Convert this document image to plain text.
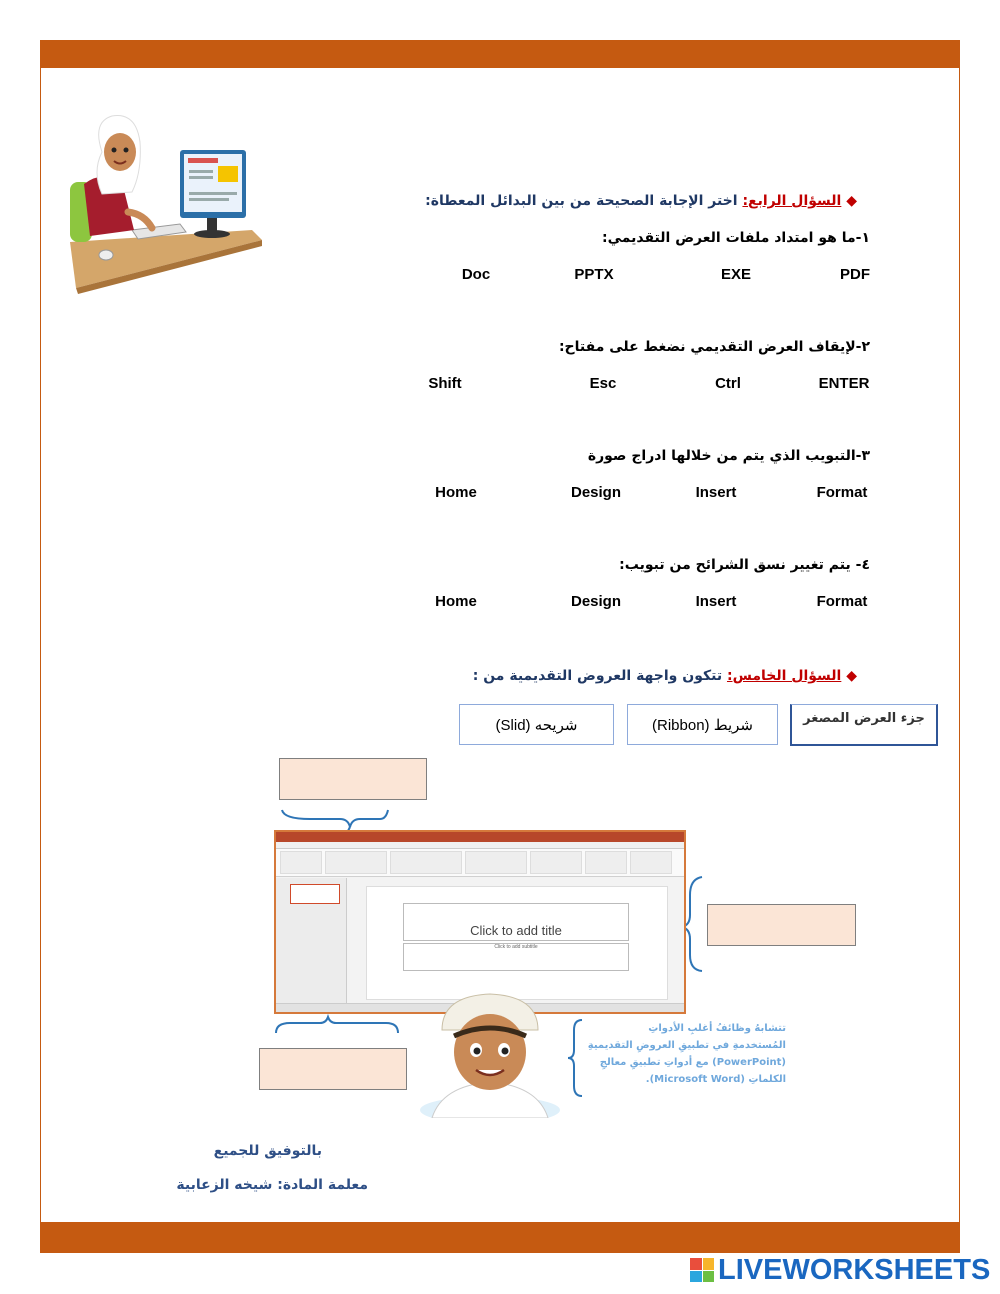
◆ السؤال الرابع: اختر الإجابة الصحيحة من بين البدائل المعطاة:
١-ما هو امتداد ملفات العرض التقديمي:
PDF
EXE
PPTX
Doc
٢-لإيقاف العرض التقديمي نضغط على مفتاح:
ENTER
Ctrl
Esc
Shift
٣-التبويب الذي يتم من خلالها ادراج صورة
Format
Insert
Design
Home
٤- يتم تغيير نسق الشرائح من تبويب:
Format
Insert
Design
Home
◆ السؤال الخامس: تتكون واجهة العروض التقديمية من :
جزء العرض المصغر
(Ribbon) شريط
(Slid) شريحه
Click to add title
Click to add subtitle
تتشابهُ وظائفُ أغلبِ الأدواتِ
المُستخدمةِ في تطبيقِ العروضِ التقديميةِ
(PowerPoint) مع أدواتِ تطبيقِ معالجِ
الكلماتِ (Microsoft Word).
بالتوفيق للجميع
معلمة المادة: شيخه الزعابية
LIVEWORKSHEETS
